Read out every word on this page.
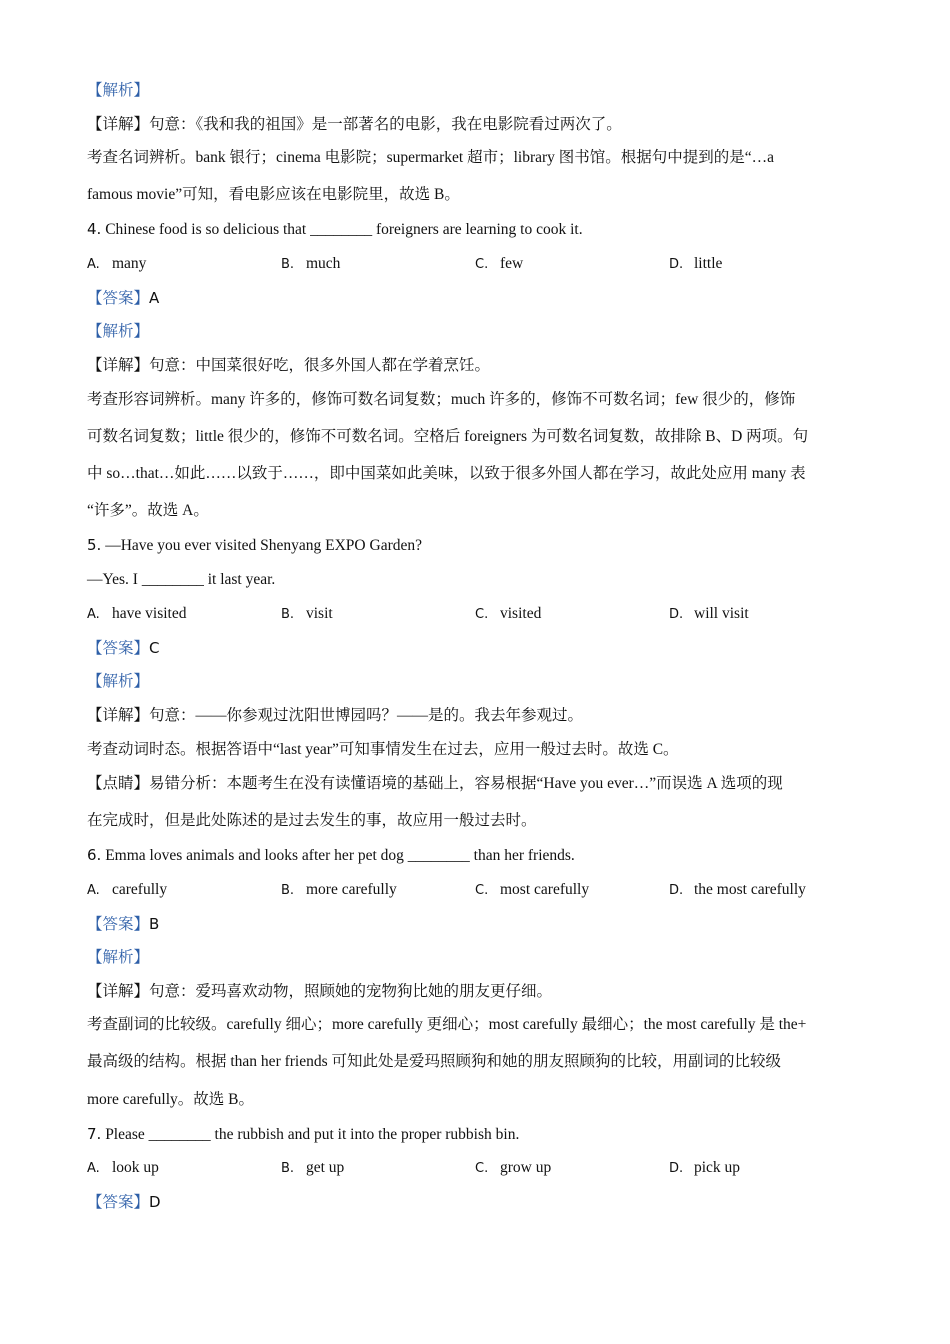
【解析】
【详解】句意：《我和我的祖国》是一部著名的电影，我在电影院看过两次了。
考查名词辨析。bank 银行；cinema 电影院；supermarket 超市；library 图书馆。根据句中提到的是“…a
famous movie”可知，看电影应该在电影院里，故选 B。
4. Chinese food is so delicious that ________ foreigners are learning to cook it.
A. many	B. much	C. few	D. little
【答案】A
【解析】
【详解】句意：中国菜很好吃，很多外国人都在学着烹饪。
考查形容词辨析。many 许多的，修饰可数名词复数；much 许多的，修饰不可数名词；few 很少的，修饰
可数名词复数；little 很少的，修饰不可数名词。空格后 foreigners 为可数名词复数，故排除 B、D 两项。句
中 so…that…如此……以致于……，即中国菜如此美味，以致于很多外国人都在学习，故此处应用 many 表
“许多”。故选 A。
5. —Have you ever visited Shenyang EXPO Garden?
—Yes. I ________ it last year.
A. have visited	B. visit	C. visited	D. will visit
【答案】C
【解析】
【详解】句意：——你参观过沈阳世博园吗？——是的。我去年参观过。
考查动词时态。根据答语中“last year”可知事情发生在过去，应用一般过去时。故选 C。
【点睛】易错分析：本题考生在没有读懂语境的基础上，容易根据“Have you ever…”而误选 A 选项的现
在完成时，但是此处陈述的是过去发生的事，故应用一般过去时。
6. Emma loves animals and looks after her pet dog ________ than her friends.
A. carefully	B. more carefully	C. most carefully	D. the most carefully
【答案】B
【解析】
【详解】句意：爱玛喜欢动物，照顾她的宠物狗比她的朋友更仔细。
考查副词的比较级。carefully 细心；more carefully 更细心；most carefully 最细心；the most carefully 是 the+
最高级的结构。根据 than her friends 可知此处是爱玛照顾狗和她的朋友照顾狗的比较，用副词的比较级
more carefully。故选 B。
7. Please ________ the rubbish and put it into the proper rubbish bin.
A. look up	B. get up	C. grow up	D. pick up
【答案】D
